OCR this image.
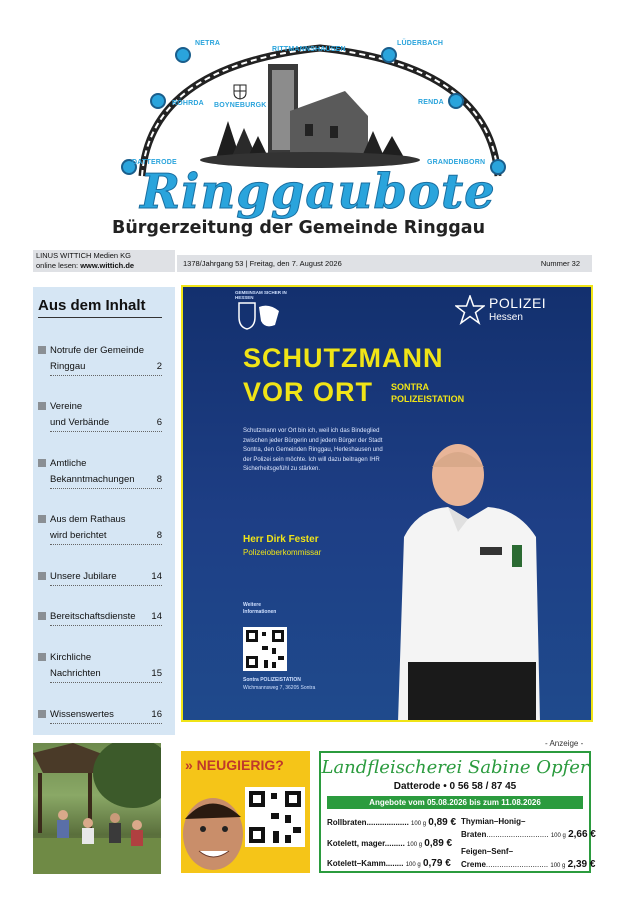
NETRA
RITTMANNSHAUSEN
LÜDERBACH
RÖHRDA BOYNEBURGK	RENDA
DATTERODE	GRANDENBORN
Ringgaubote
Bürgerzeitung der Gemeinde Ringgau
LINUS WITTICH Medien KG
online lesen: www.wittich.de	1378/Jahrgang 53 | Freitag, den 7. August 2026	Nummer 32
Aus dem Inhalt
Notrufe der Gemeinde
Ringgau	2
Vereine
und Verbände	6
Amtliche
Bekanntmachungen 8
Aus dem Rathaus
wird berichtet	8
Unsere Jubilare	14
Bereitschaftsdienste 14
Kirchliche
Nachrichten	15
Wissenswertes	16
GEMEINSAM SICHER IN HESSEN	POLIZEI
Hessen
SCHUTZMANN
VOR ORT SONTRA
POLIZEISTATION
Schutzmann vor Ort bin ich, weil ich das Bindeglied zwischen jeder Bürgerin und jedem Bürger der Stadt Sontra, den Gemeinden Ringgau, Herleshausen und der Polizei sein möchte. Ich will dazu beitragen IHR Sicherheitsgefühl zu stärken.
Herr Dirk Fester
Polizeioberkommissar
Weitere Informationen
Sontra POLIZEISTATION
Wichmannsweg 7, 36205 Sontra
- Anzeige -
» NEUGIERIG? Landfleischerei Sabine Opfer
Datterode • 0 56 58 / 87 45
Angebote vom 05.08.2026 bis zum 11.08.2026
Rollbraten................... 100 g 0,89 €
Kotelett, mager......... 100 g 0,89 €
Kotelett–Kamm........ 100 g 0,79 €
Thymian–Honig–
Braten............................ 100 g 2,66 €
Feigen–Senf–
Creme............................ 100 g 2,39 €
